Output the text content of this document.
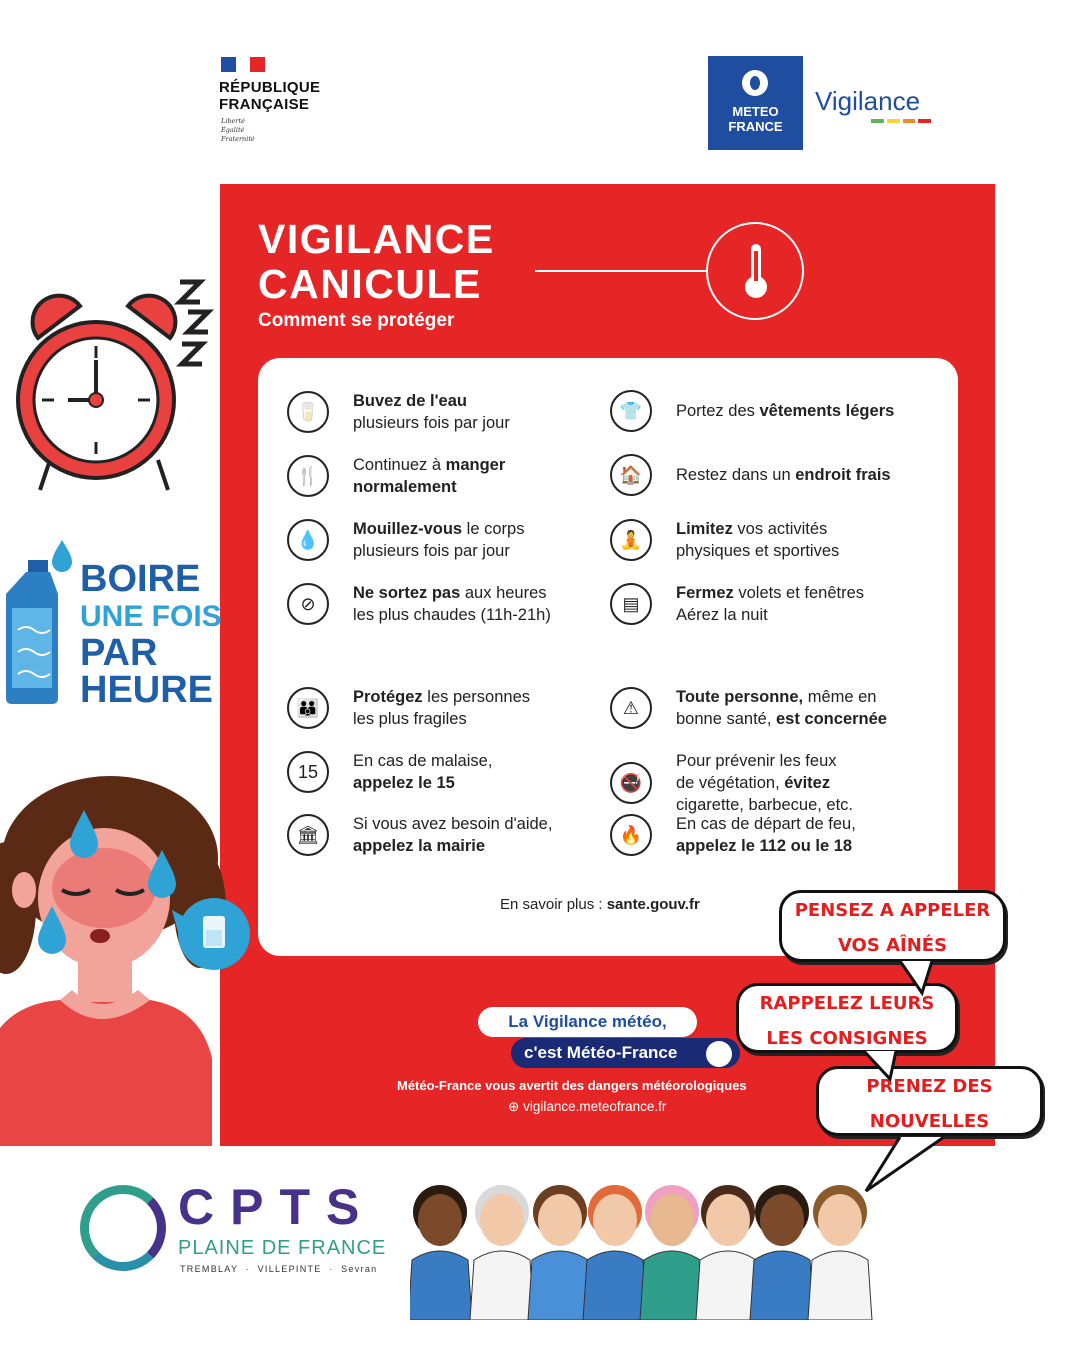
RÉPUBLIQUE
FRANÇAISE
Liberté
Égalité
Fraternité
METEO
FRANCE
Vigilance
VIGILANCE
CANICULE
Comment se protéger
🥛
Buvez de l'eau
plusieurs fois par jour
🍴
Continuez à manger
normalement
💧
Mouillez-vous le corps
plusieurs fois par jour
⊘
Ne sortez pas aux heures
les plus chaudes (11h-21h)
👪
Protégez les personnes
les plus fragiles
15
En cas de malaise,
appelez le 15
🏛
Si vous avez besoin d'aide,
appelez la mairie
👕	Portez des vêtements légers
🏠	Restez dans un endroit frais
🧘
Limitez vos activités
physiques et sportives
▤
Fermez volets et fenêtres
Aérez la nuit
⚠
Toute personne, même en
bonne santé, est concernée
🚭
Pour prévenir les feux
de végétation, évitez
cigarette, barbecue, etc.
🔥
En cas de départ de feu,
appelez le 112 ou le 18
En savoir plus : sante.gouv.fr
La Vigilance météo,
c'est Météo-France
Météo-France vous avertit des dangers météorologiques
⊕ vigilance.meteofrance.fr
BOIRE
UNE FOIS
PAR
HEURE
PENSEZ A APPELER
VOS AÎNÉS
RAPPELEZ LEURS
LES CONSIGNES
PRENEZ DES
NOUVELLES
CPTS
PLAINE DE FRANCE
TREMBLAY  ·  VILLEPINTE  ·  Sevran
